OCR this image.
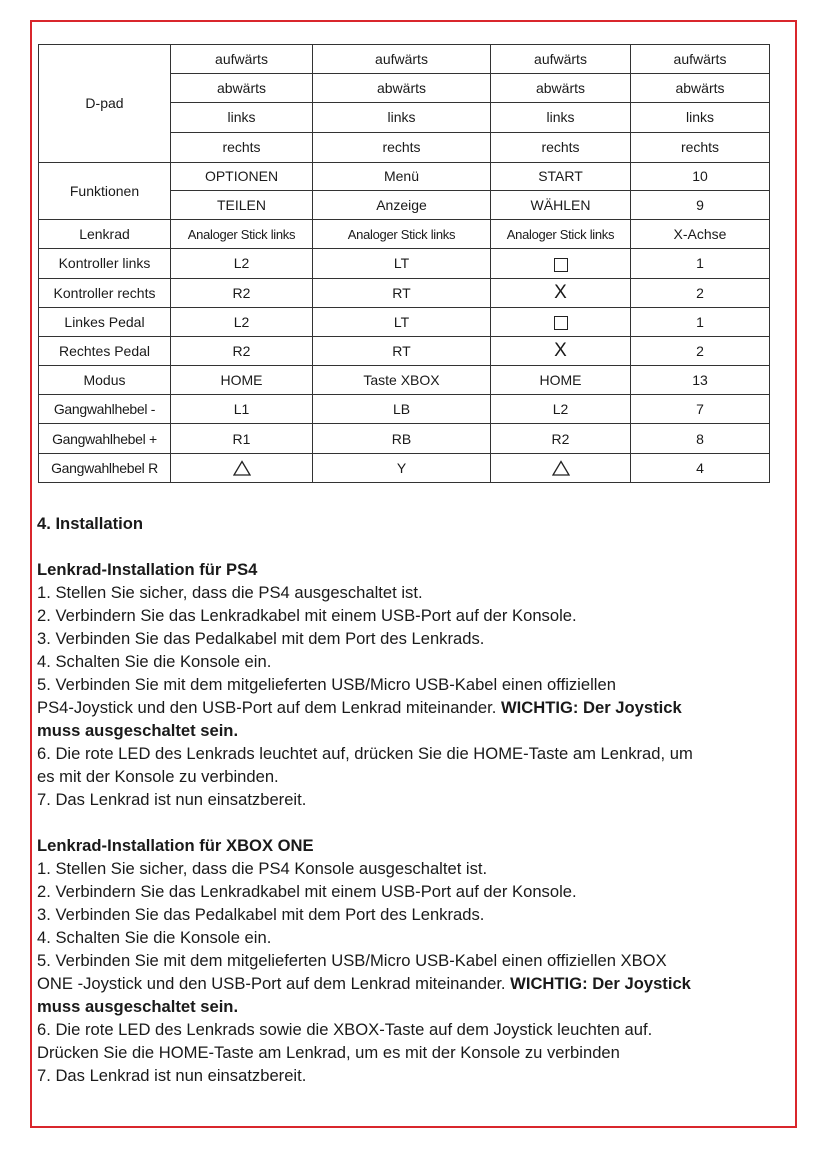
D-pad	aufwärts	aufwärts	aufwärts	aufwärts
	abwärts	abwärts	abwärts	abwärts
	links	links	links	links
	rechts	rechts	rechts	rechts
Funktionen	OPTIONEN	Menü	START	10
	TEILEN	Anzeige	WÄHLEN	9
Lenkrad	Analoger Stick links	Analoger Stick links	Analoger Stick links	X-Achse
Kontroller links	L2	LT		1
Kontroller rechts	R2	RT	X	2
Linkes Pedal	L2	LT		1
Rechtes Pedal	R2	RT	X	2
Modus	HOME	Taste XBOX	HOME	13
Gangwahlhebel -	L1	LB	L2	7
Gangwahlhebel +	R1	RB	R2	8
Gangwahlhebel R		Y		4
4. Installation
Lenkrad-Installation für PS4

1. Stellen Sie sicher, dass die PS4 ausgeschaltet ist.

2. Verbindern Sie das Lenkradkabel mit einem USB-Port auf der Konsole.

3. Verbinden Sie das Pedalkabel mit dem Port des Lenkrads.

4. Schalten Sie die Konsole ein.

5. Verbinden Sie mit dem mitgelieferten USB/Micro USB-Kabel einen offiziellen

PS4-Joystick und den USB-Port auf dem Lenkrad miteinander. WICHTIG: Der Joystick

muss ausgeschaltet sein.

6. Die rote LED des Lenkrads leuchtet auf, drücken Sie die HOME-Taste am Lenkrad, um

es mit der Konsole zu verbinden.

7. Das Lenkrad ist nun einsatzbereit.

Lenkrad-Installation für XBOX ONE

1. Stellen Sie sicher, dass die PS4 Konsole ausgeschaltet ist.

2. Verbindern Sie das Lenkradkabel mit einem USB-Port auf der Konsole.

3. Verbinden Sie das Pedalkabel mit dem Port des Lenkrads.

4. Schalten Sie die Konsole ein.

5. Verbinden Sie mit dem mitgelieferten USB/Micro USB-Kabel einen offiziellen XBOX

ONE -Joystick und den USB-Port auf dem Lenkrad miteinander. WICHTIG: Der Joystick

muss ausgeschaltet sein.

6. Die rote LED des Lenkrads sowie die XBOX-Taste auf dem Joystick leuchten auf.

Drücken Sie die HOME-Taste am Lenkrad, um es mit der Konsole zu verbinden

7. Das Lenkrad ist nun einsatzbereit.
